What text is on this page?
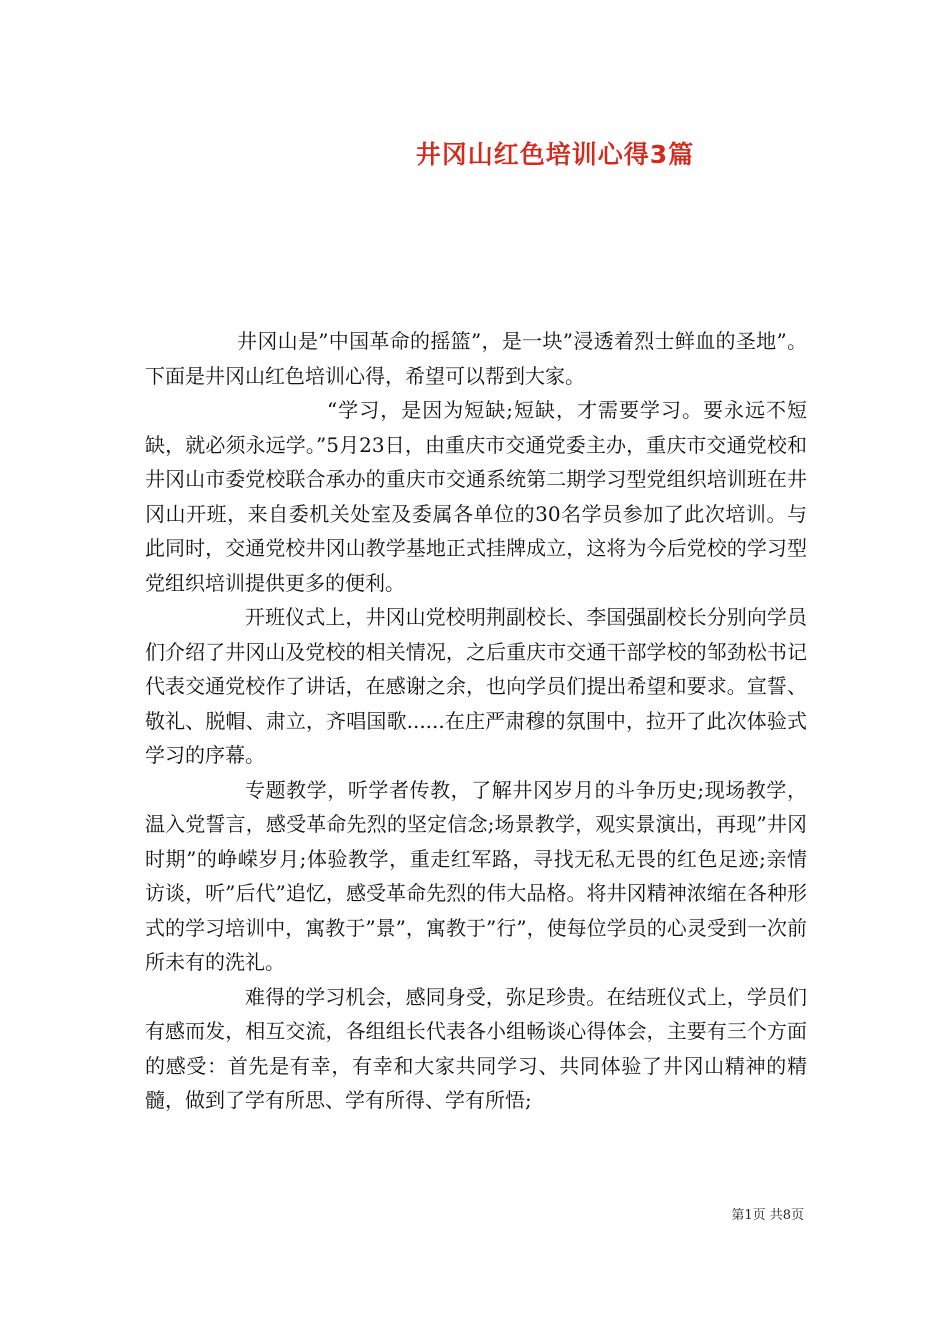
井冈山红色培训心得3篇

井冈山是”中国革命的摇篮”，是一块”浸透着烈士鲜血的圣地”。下面是井冈山红色培训心得，希望可以帮到大家。

“学习，是因为短缺;短缺，才需要学习。要永远不短缺，就必须永远学。”5月23日，由重庆市交通党委主办，重庆市交通党校和井冈山市委党校联合承办的重庆市交通系统第二期学习型党组织培训班在井冈山开班，来自委机关处室及委属各单位的30名学员参加了此次培训。与此同时，交通党校井冈山教学基地正式挂牌成立，这将为今后党校的学习型党组织培训提供更多的便利。

开班仪式上，井冈山党校明荆副校长、李国强副校长分别向学员们介绍了井冈山及党校的相关情况，之后重庆市交通干部学校的邹劲松书记代表交通党校作了讲话，在感谢之余，也向学员们提出希望和要求。宣誓、敬礼、脱帽、肃立，齐唱国歌......在庄严肃穆的氛围中，拉开了此次体验式学习的序幕。

专题教学，听学者传教，了解井冈岁月的斗争历史;现场教学，温入党誓言，感受革命先烈的坚定信念;场景教学，观实景演出，再现”井冈时期”的峥嵘岁月;体验教学，重走红军路，寻找无私无畏的红色足迹;亲情访谈，听”后代”追忆，感受革命先烈的伟大品格。将井冈精神浓缩在各种形式的学习培训中，寓教于”景”，寓教于”行”，使每位学员的心灵受到一次前所未有的洗礼。

难得的学习机会，感同身受，弥足珍贵。在结班仪式上，学员们有感而发，相互交流，各组组长代表各小组畅谈心得体会，主要有三个方面的感受：首先是有幸，有幸和大家共同学习、共同体验了井冈山精神的精髓，做到了学有所思、学有所得、学有所悟;

第1页 共8页
